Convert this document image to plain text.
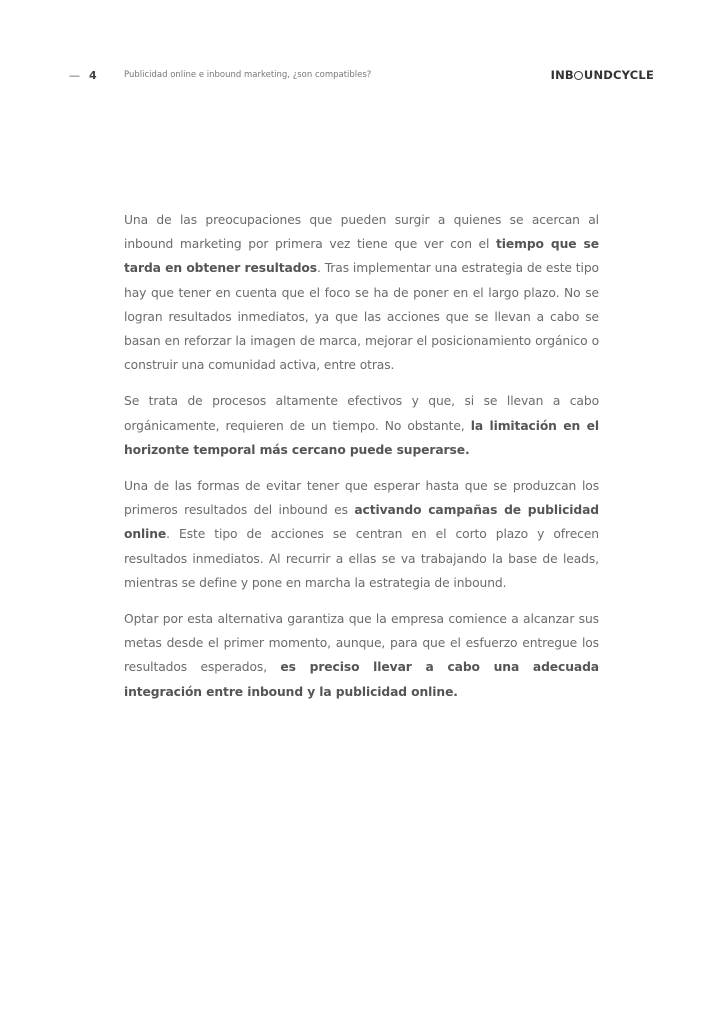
— 4	Publicidad online e inbound marketing, ¿son compatibles?	INB UNDCYCLE

Una de las preocupaciones que pueden surgir a quienes se acercan al inbound marketing por primera vez tiene que ver con el tiempo que se tarda en obtener resultados. Tras implementar una estrategia de este tipo hay que tener en cuenta que el foco se ha de poner en el largo plazo. No se logran resultados inmediatos, ya que las acciones que se llevan a cabo se basan en reforzar la imagen de marca, mejorar el posicionamiento orgánico o construir una comunidad activa, entre otras.

Se trata de procesos altamente efectivos y que, si se llevan a cabo orgánicamente, requieren de un tiempo. No obstante, la limitación en el horizonte temporal más cercano puede superarse.

Una de las formas de evitar tener que esperar hasta que se produzcan los primeros resultados del inbound es activando campañas de publicidad online. Este tipo de acciones se centran en el corto plazo y ofrecen resultados inmediatos. Al recurrir a ellas se va trabajando la base de leads, mientras se define y pone en marcha la estrategia de inbound.

Optar por esta alternativa garantiza que la empresa comience a alcanzar sus metas desde el primer momento, aunque, para que el esfuerzo entregue los resultados esperados, es preciso llevar a cabo una adecuada integración entre inbound y la publicidad online.
